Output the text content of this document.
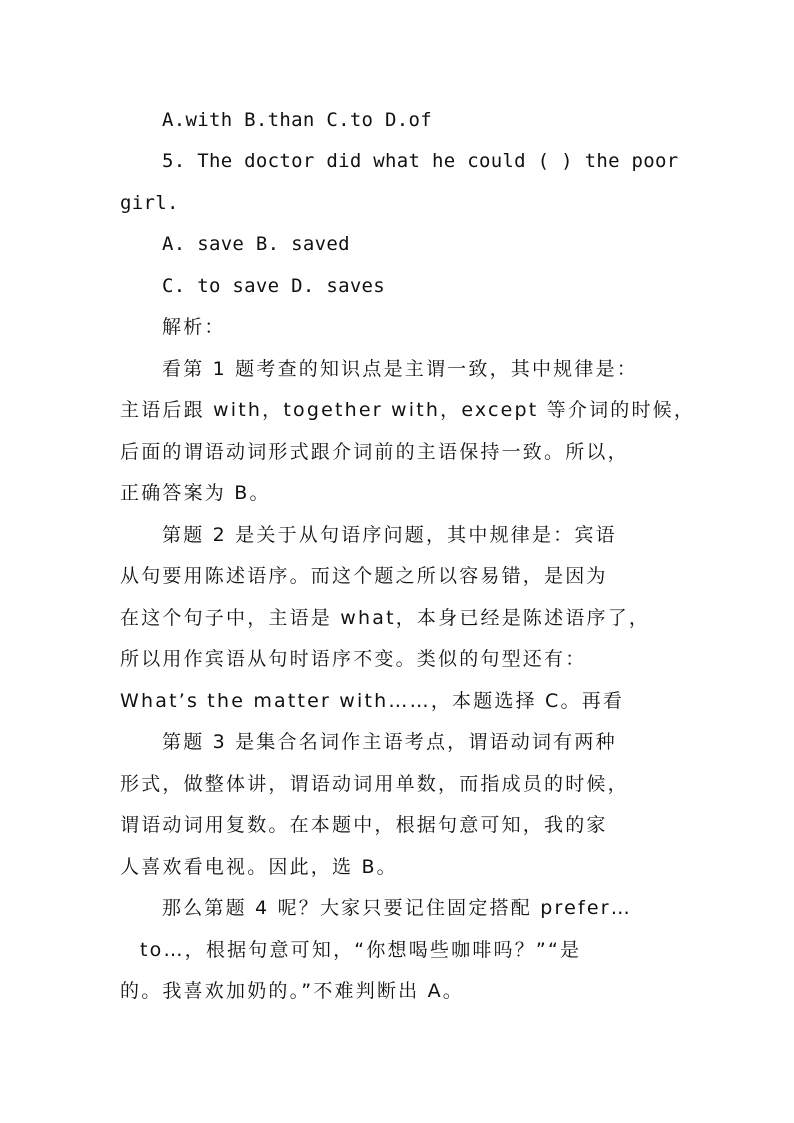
A.with B.than C.to D.of
5. The doctor did what he could ( ) the poor
girl.
A. save B. saved
C. to save D. saves
解析：
看第 1 题考查的知识点是主谓一致，其中规律是：
主语后跟 with，together with，except 等介词的时候，
后面的谓语动词形式跟介词前的主语保持一致。所以，
正确答案为 B。
第题 2 是关于从句语序问题，其中规律是：宾语
从句要用陈述语序。而这个题之所以容易错，是因为
在这个句子中，主语是 what，本身已经是陈述语序了，
所以用作宾语从句时语序不变。类似的句型还有：
What’s the matter with……，本题选择 C。再看
第题 3 是集合名词作主语考点，谓语动词有两种
形式，做整体讲，谓语动词用单数，而指成员的时候，
谓语动词用复数。在本题中，根据句意可知，我的家
人喜欢看电视。因此，选 B。
那么第题 4 呢？大家只要记住固定搭配 prefer…
to…，根据句意可知，“你想喝些咖啡吗？”“是
的。我喜欢加奶的。”不难判断出 A。
